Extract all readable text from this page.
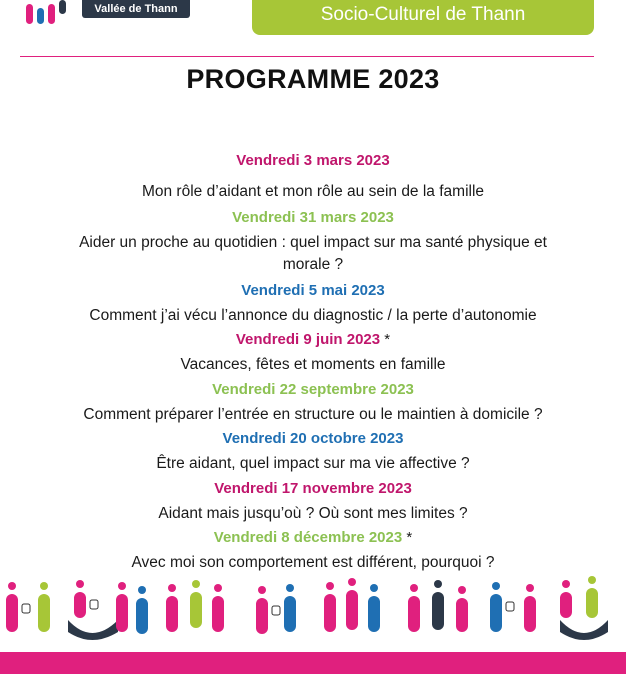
Vallée de Thann	Socio-Culturel de Thann
PROGRAMME 2023
Vendredi 3 mars 2023
Mon rôle d’aidant et mon rôle au sein de la famille
Vendredi 31 mars 2023
Aider un proche au quotidien : quel impact sur ma santé physique et
morale ?
Vendredi 5 mai 2023
Comment j’ai vécu l’annonce du diagnostic / la perte d’autonomie
Vendredi 9 juin 2023 *
Vacances, fêtes et moments en famille
Vendredi 22 septembre 2023
Comment préparer l’entrée en structure ou le maintien à domicile ?
Vendredi 20 octobre 2023
Être aidant, quel impact sur ma vie affective ?
Vendredi 17 novembre 2023
Aidant mais jusqu’où ? Où sont mes limites ?
Vendredi 8 décembre 2023 *
Avec moi son comportement est différent, pourquoi ?
